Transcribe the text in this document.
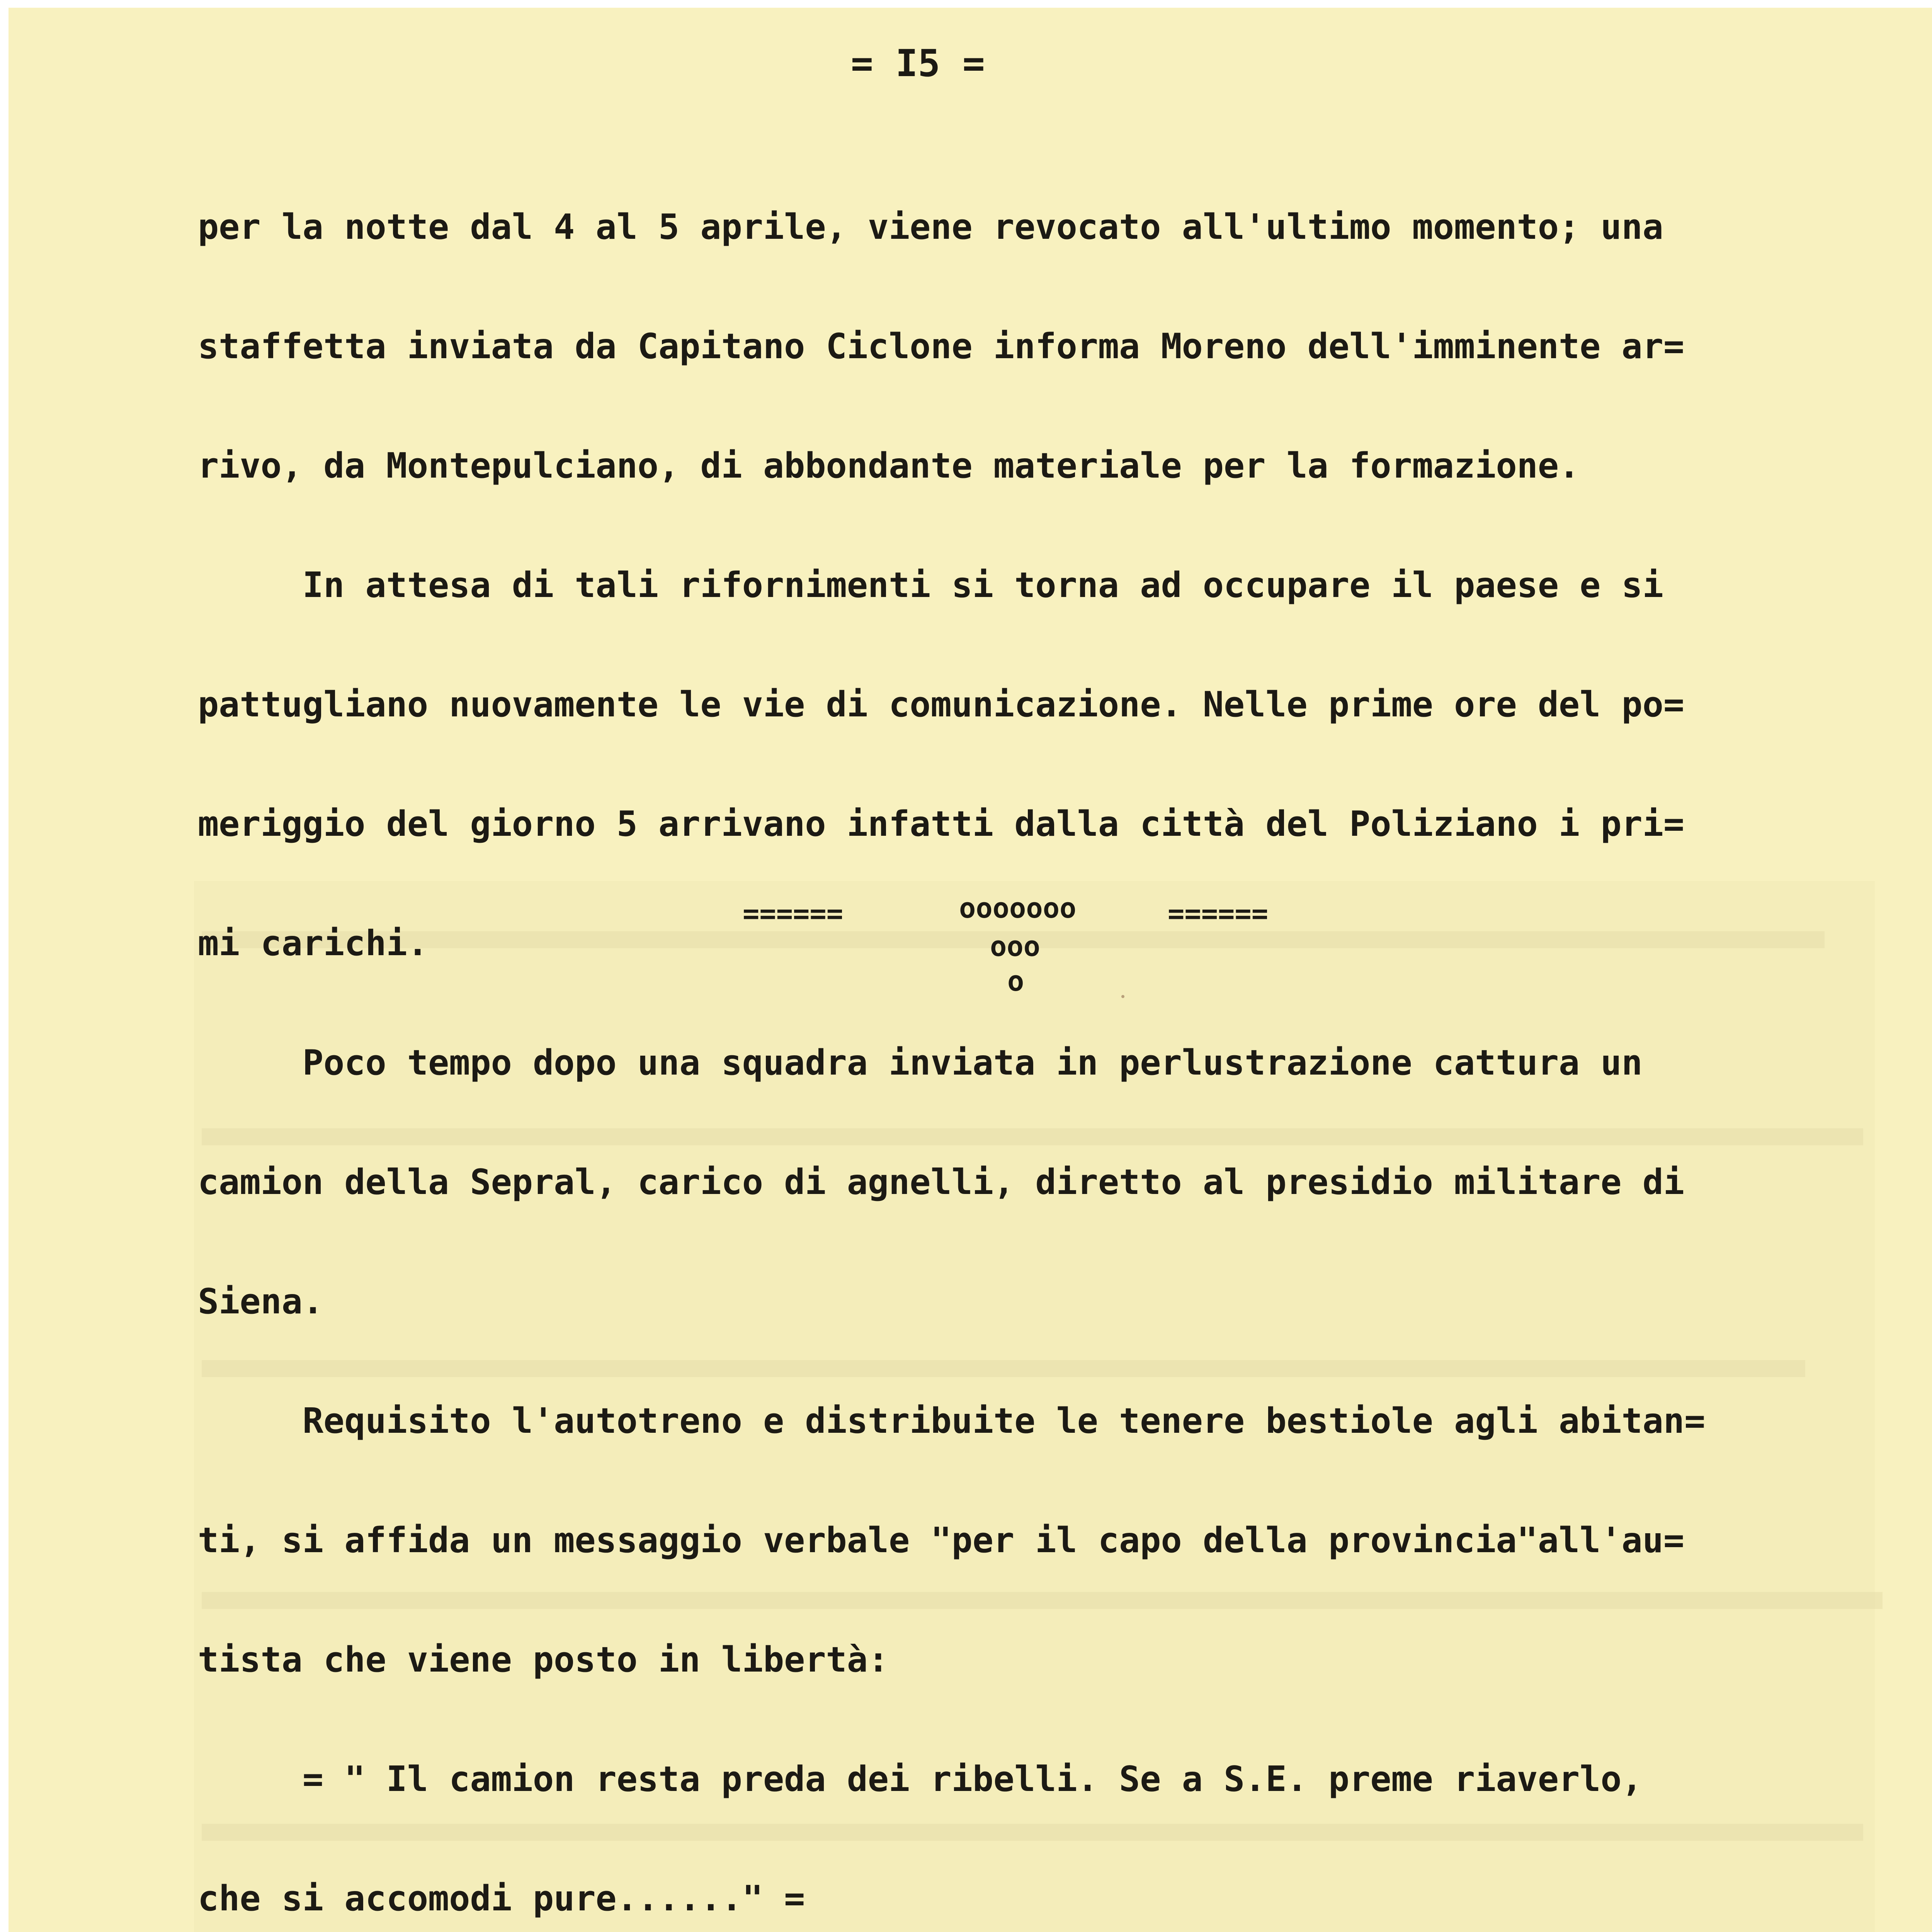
= I5 =

per la notte dal 4 al 5 aprile, viene revocato all'ultimo momento; una

staffetta inviata da Capitano Ciclone informa Moreno dell'imminente ar=

rivo, da Montepulciano, di abbondante materiale per la formazione.

In attesa di tali rifornimenti si torna ad occupare il paese e si

pattugliano nuovamente le vie di comunicazione. Nelle prime ore del po=

meriggio del giorno 5 arrivano infatti dalla città del Poliziano i pri=

mi carichi.

Poco tempo dopo una squadra inviata in perlustrazione cattura un

camion della Sepral, carico di agnelli, diretto al presidio militare di

Siena.

Requisito l'autotreno e distribuite le tenere bestiole agli abitan=

ti, si affida un messaggio verbale "per il capo della provincia"all'au=

tista che viene posto in libertà:

= " Il camion resta preda dei ribelli. Se a S.E. preme riaverlo,

che si accomodi pure......" =

======

	ooooooo

	======

ooo

o
